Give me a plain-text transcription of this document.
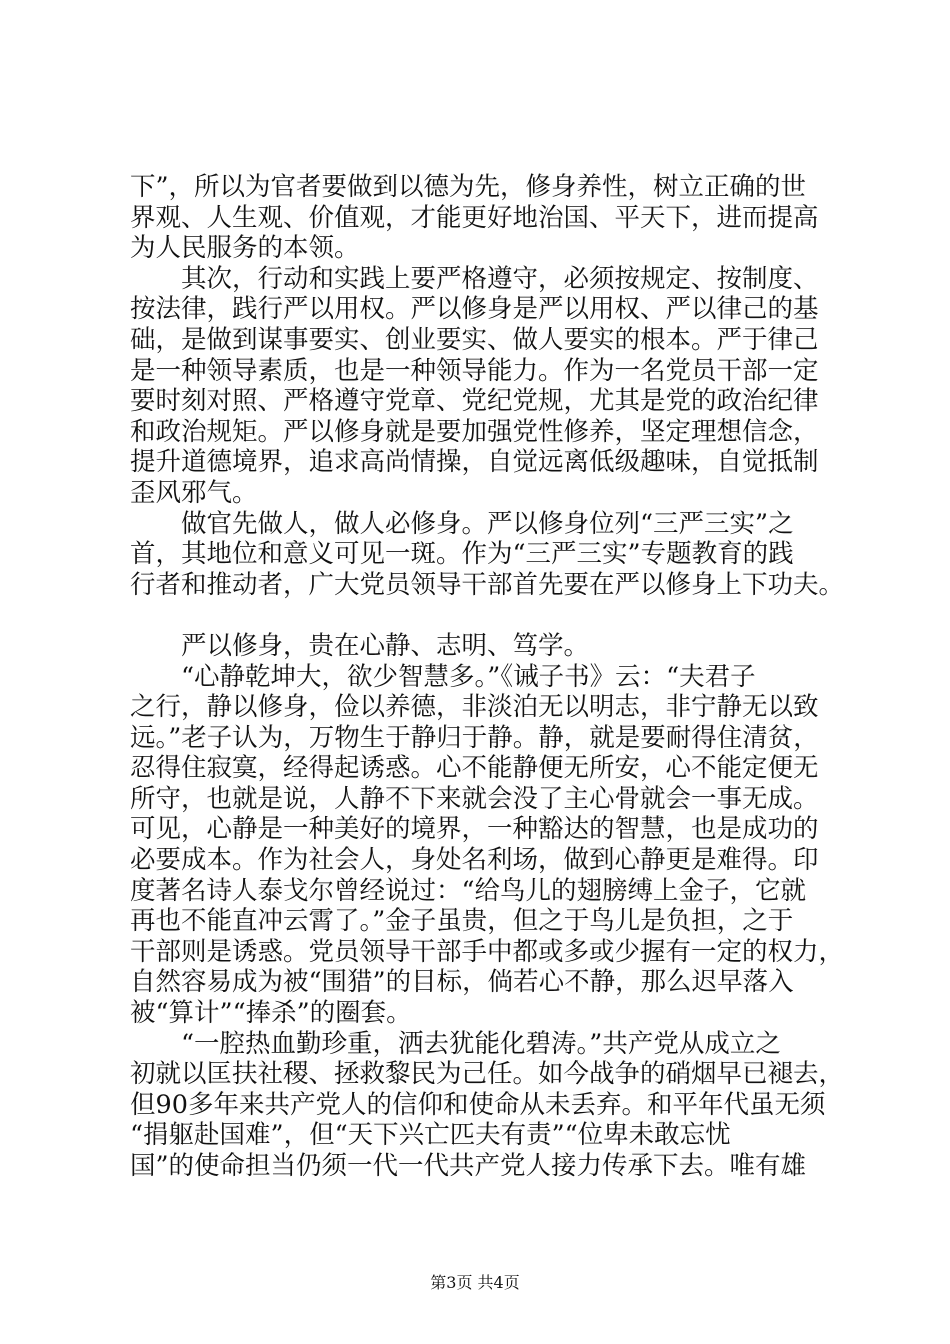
下”，所以为官者要做到以德为先，修身养性，树立正确的世
界观、人生观、价值观，才能更好地治国、平天下，进而提高
为人民服务的本领。
其次，行动和实践上要严格遵守，必须按规定、按制度、
按法律，践行严以用权。严以修身是严以用权、严以律己的基
础，是做到谋事要实、创业要实、做人要实的根本。严于律己
是一种领导素质，也是一种领导能力。作为一名党员干部一定
要时刻对照、严格遵守党章、党纪党规，尤其是党的政治纪律
和政治规矩。严以修身就是要加强党性修养，坚定理想信念，
提升道德境界，追求高尚情操，自觉远离低级趣味，自觉抵制
歪风邪气。
做官先做人，做人必修身。严以修身位列“三严三实”之
首，其地位和意义可见一斑。作为“三严三实”专题教育的践
行者和推动者，广大党员领导干部首先要在严以修身上下功夫。
严以修身，贵在心静、志明、笃学。
“心静乾坤大，欲少智慧多。”《诫子书》云：“夫君子
之行，静以修身，俭以养德，非淡泊无以明志，非宁静无以致
远。”老子认为，万物生于静归于静。静，就是要耐得住清贫，
忍得住寂寞，经得起诱惑。心不能静便无所安，心不能定便无
所守，也就是说，人静不下来就会没了主心骨就会一事无成。
可见，心静是一种美好的境界，一种豁达的智慧，也是成功的
必要成本。作为社会人，身处名利场，做到心静更是难得。印
度著名诗人泰戈尔曾经说过：“给鸟儿的翅膀缚上金子，它就
再也不能直冲云霄了。”金子虽贵，但之于鸟儿是负担，之于
干部则是诱惑。党员领导干部手中都或多或少握有一定的权力，
自然容易成为被“围猎”的目标，倘若心不静，那么迟早落入
被“算计”“捧杀”的圈套。
“一腔热血勤珍重，洒去犹能化碧涛。”共产党从成立之
初就以匡扶社稷、拯救黎民为己任。如今战争的硝烟早已褪去，
但90多年来共产党人的信仰和使命从未丢弃。和平年代虽无须
“捐躯赴国难”，但“天下兴亡匹夫有责”“位卑未敢忘忧
国”的使命担当仍须一代一代共产党人接力传承下去。唯有雄
第3页 共4页
